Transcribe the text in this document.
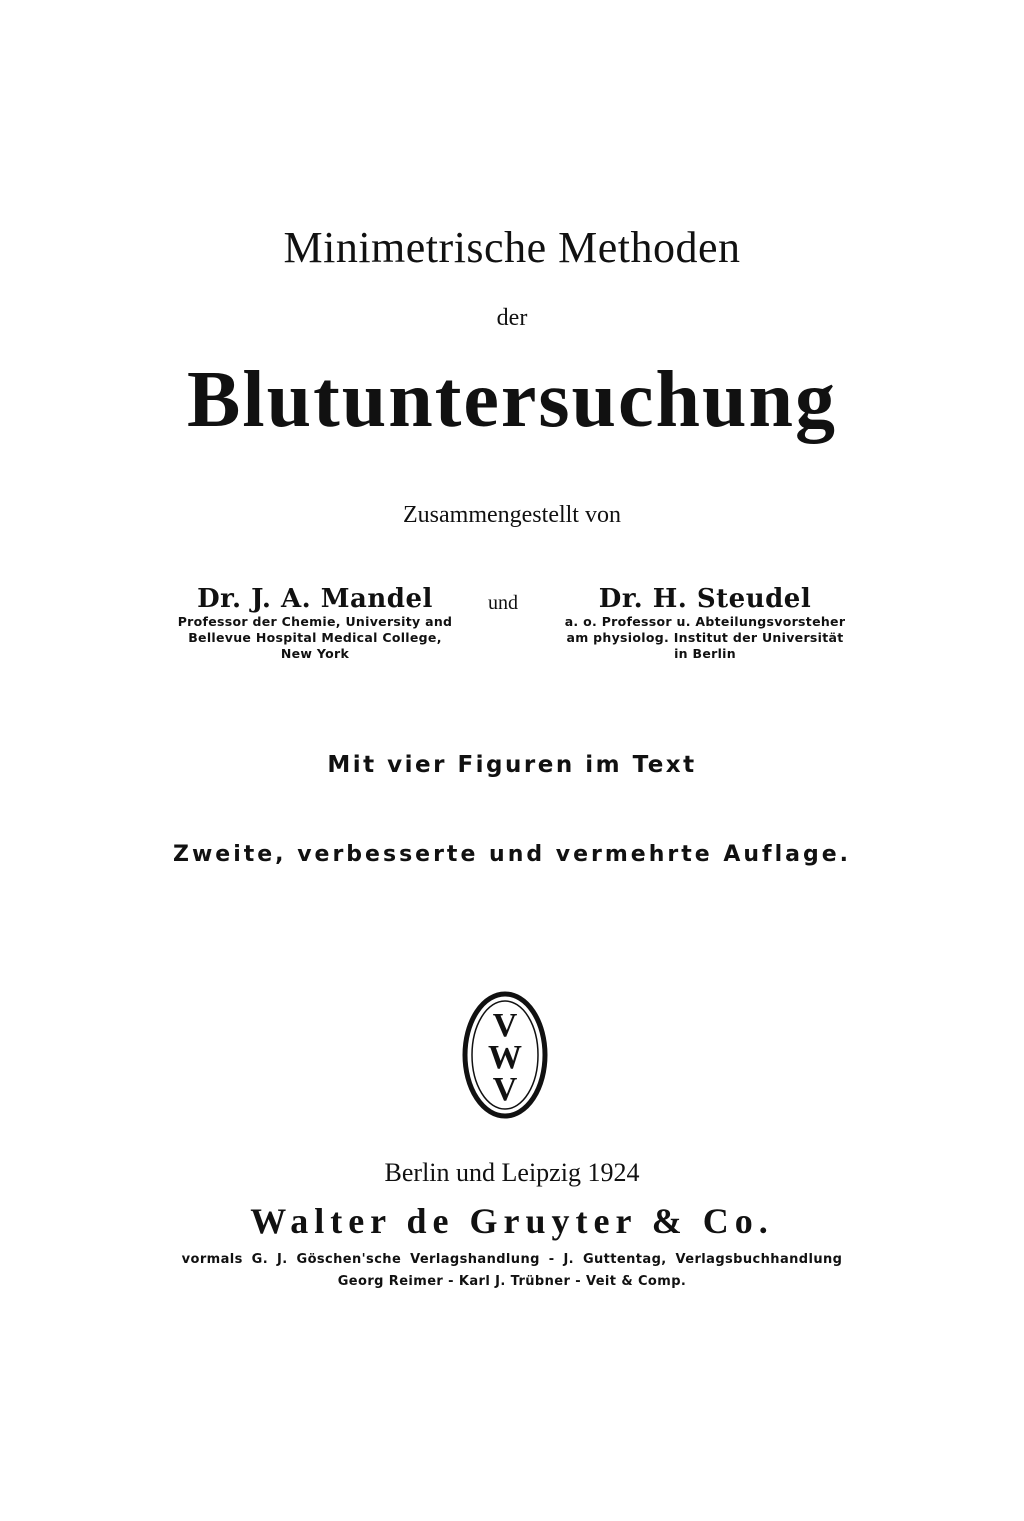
Minimetrische Methoden
der
Blutuntersuchung
Zusammengestellt von
Dr. J. A. Mandel
Professor der Chemie, University and
Bellevue Hospital Medical College,
New York
und	Dr. H. Steudel
a. o. Professor u. Abteilungsvorsteher
am physiolog. Institut der Universität
in Berlin
Mit vier Figuren im Text
Zweite, verbesserte und vermehrte Auflage.
V
W
V
Berlin und Leipzig 1924
Walter de Gruyter & Co.
vormals G. J. Göschen'sche Verlagshandlung - J. Guttentag, Verlagsbuchhandlung
Georg Reimer - Karl J. Trübner - Veit & Comp.
